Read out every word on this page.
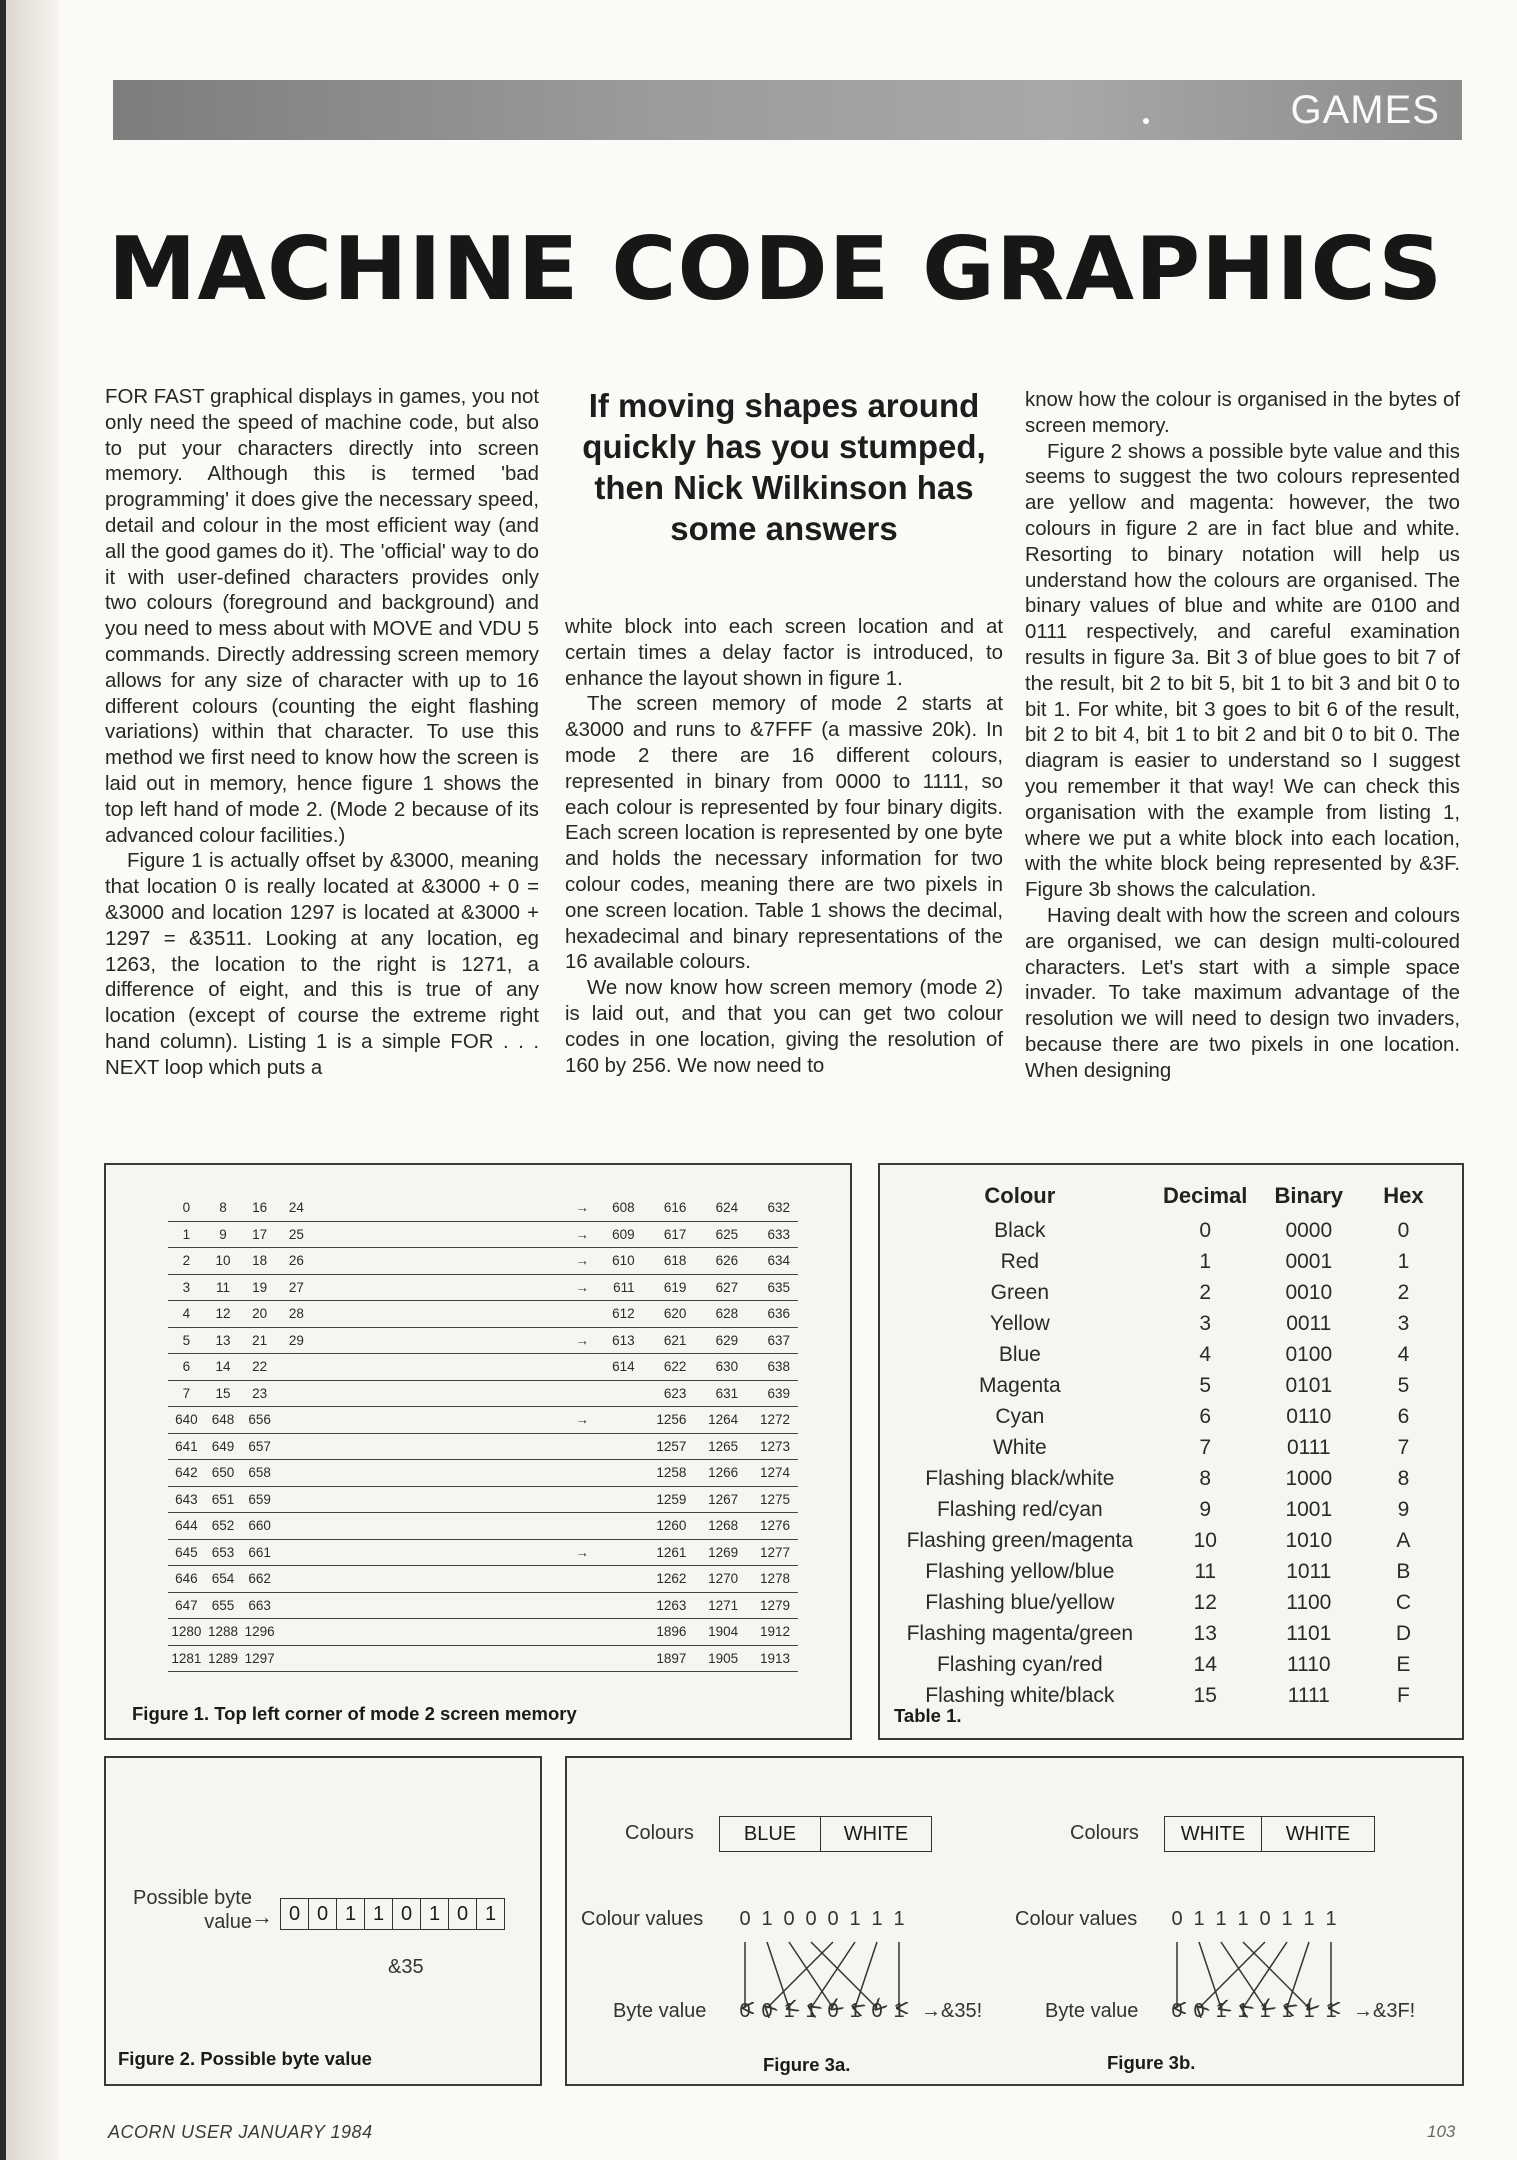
GAMES
MACHINE CODE GRAPHICS

FOR FAST graphical displays in games, you not only need the speed of machine code, but also to put your characters directly into screen memory. Although this is termed 'bad programming' it does give the necessary speed, detail and colour in the most efficient way (and all the good games do it). The 'official' way to do it with user-defined characters provides only two colours (foreground and background) and you need to mess about with MOVE and VDU 5 commands. Directly addressing screen memory allows for any size of character with up to 16 different colours (counting the eight flashing variations) within that character. To use this method we first need to know how the screen is laid out in memory, hence figure 1 shows the top left hand of mode 2. (Mode 2 because of its advanced colour facilities.)

Figure 1 is actually offset by &3000, meaning that location 0 is really located at &3000 + 0 = &3000 and location 1297 is located at &3000 + 1297 = &3511. Looking at any location, eg 1263, the location to the right is 1271, a difference of eight, and this is true of any location (except of course the extreme right hand column). Listing 1 is a simple FOR . . . NEXT loop which puts a

If moving shapes around quickly has you stumped, then Nick Wilkinson has some answers

white block into each screen location and at certain times a delay factor is introduced, to enhance the layout shown in figure 1.

The screen memory of mode 2 starts at &3000 and runs to &7FFF (a massive 20k). In mode 2 there are 16 different colours, represented in binary from 0000 to 1111, so each colour is represented by four binary digits. Each screen location is represented by one byte and holds the necessary information for two colour codes, meaning there are two pixels in one screen location. Table 1 shows the decimal, hexadecimal and binary representations of the 16 available colours.

We now know how screen memory (mode 2) is laid out, and that you can get two colour codes in one location, giving the resolution of 160 by 256. We now need to

know how the colour is organised in the bytes of screen memory.

Figure 2 shows a possible byte value and this seems to suggest the two colours represented are yellow and magenta: however, the two colours in figure 2 are in fact blue and white. Resorting to binary notation will help us understand how the colours are organised. The binary values of blue and white are 0100 and 0111 respectively, and careful examination results in figure 3a. Bit 3 of blue goes to bit 7 of the result, bit 2 to bit 5, bit 1 to bit 3 and bit 0 to bit 1. For white, bit 3 goes to bit 6 of the result, bit 2 to bit 4, bit 1 to bit 2 and bit 0 to bit 0. The diagram is easier to understand so I suggest you remember it that way! We can check this organisation with the example from listing 1, where we put a white block into each location, with the white block being represented by &3F. Figure 3b shows the calculation.

Having dealt with how the screen and colours are organised, we can design multi-coloured characters. Let's start with a simple space invader. To take maximum advantage of the resolution we will need to design two invaders, because there are two pixels in one location. When designing

0	8	16	24		→	608	616	624	632
1	9	17	25		→	609	617	625	633
2	10	18	26		→	610	618	626	634
3	11	19	27		→	611	619	627	635
4	12	20	28			612	620	628	636
5	13	21	29		→	613	621	629	637
6	14	22				614	622	630	638
7	15	23					623	631	639
640	648	656			→		1256	1264	1272
641	649	657					1257	1265	1273
642	650	658					1258	1266	1274
643	651	659					1259	1267	1275
644	652	660					1260	1268	1276
645	653	661			→		1261	1269	1277
646	654	662					1262	1270	1278
647	655	663					1263	1271	1279
1280	1288	1296					1896	1904	1912
1281	1289	1297					1897	1905	1913
Figure 1. Top left corner of mode 2 screen memory
Colour	Decimal	Binary	Hex
Black	0	0000	0
Red	1	0001	1
Green	2	0010	2
Yellow	3	0011	3
Blue	4	0100	4
Magenta	5	0101	5
Cyan	6	0110	6
White	7	0111	7
Flashing black/white	8	1000	8
Flashing red/cyan	9	1001	9
Flashing green/magenta	10	1010	A
Flashing yellow/blue	11	1011	B
Flashing blue/yellow	12	1100	C
Flashing magenta/green	13	1101	D
Flashing cyan/red	14	1110	E
Flashing white/black	15	1111	F
Table 1.
Possible byte value → 0 0 1 1 0 1 0 1
&35
Figure 2. Possible byte value
Colours	BLUE	WHITE
Colour values 0 1 0 0 0 1 1 1
Byte value 0 0 1 1 0 1 0 1 →&35!
Figure 3a.
Colours	WHITE	WHITE
Colour values 0 1 1 1 0 1 1 1
Byte value 0 0 1 1 1 1 1 1 →&3F!
Figure 3b.
ACORN USER JANUARY 1984	103
